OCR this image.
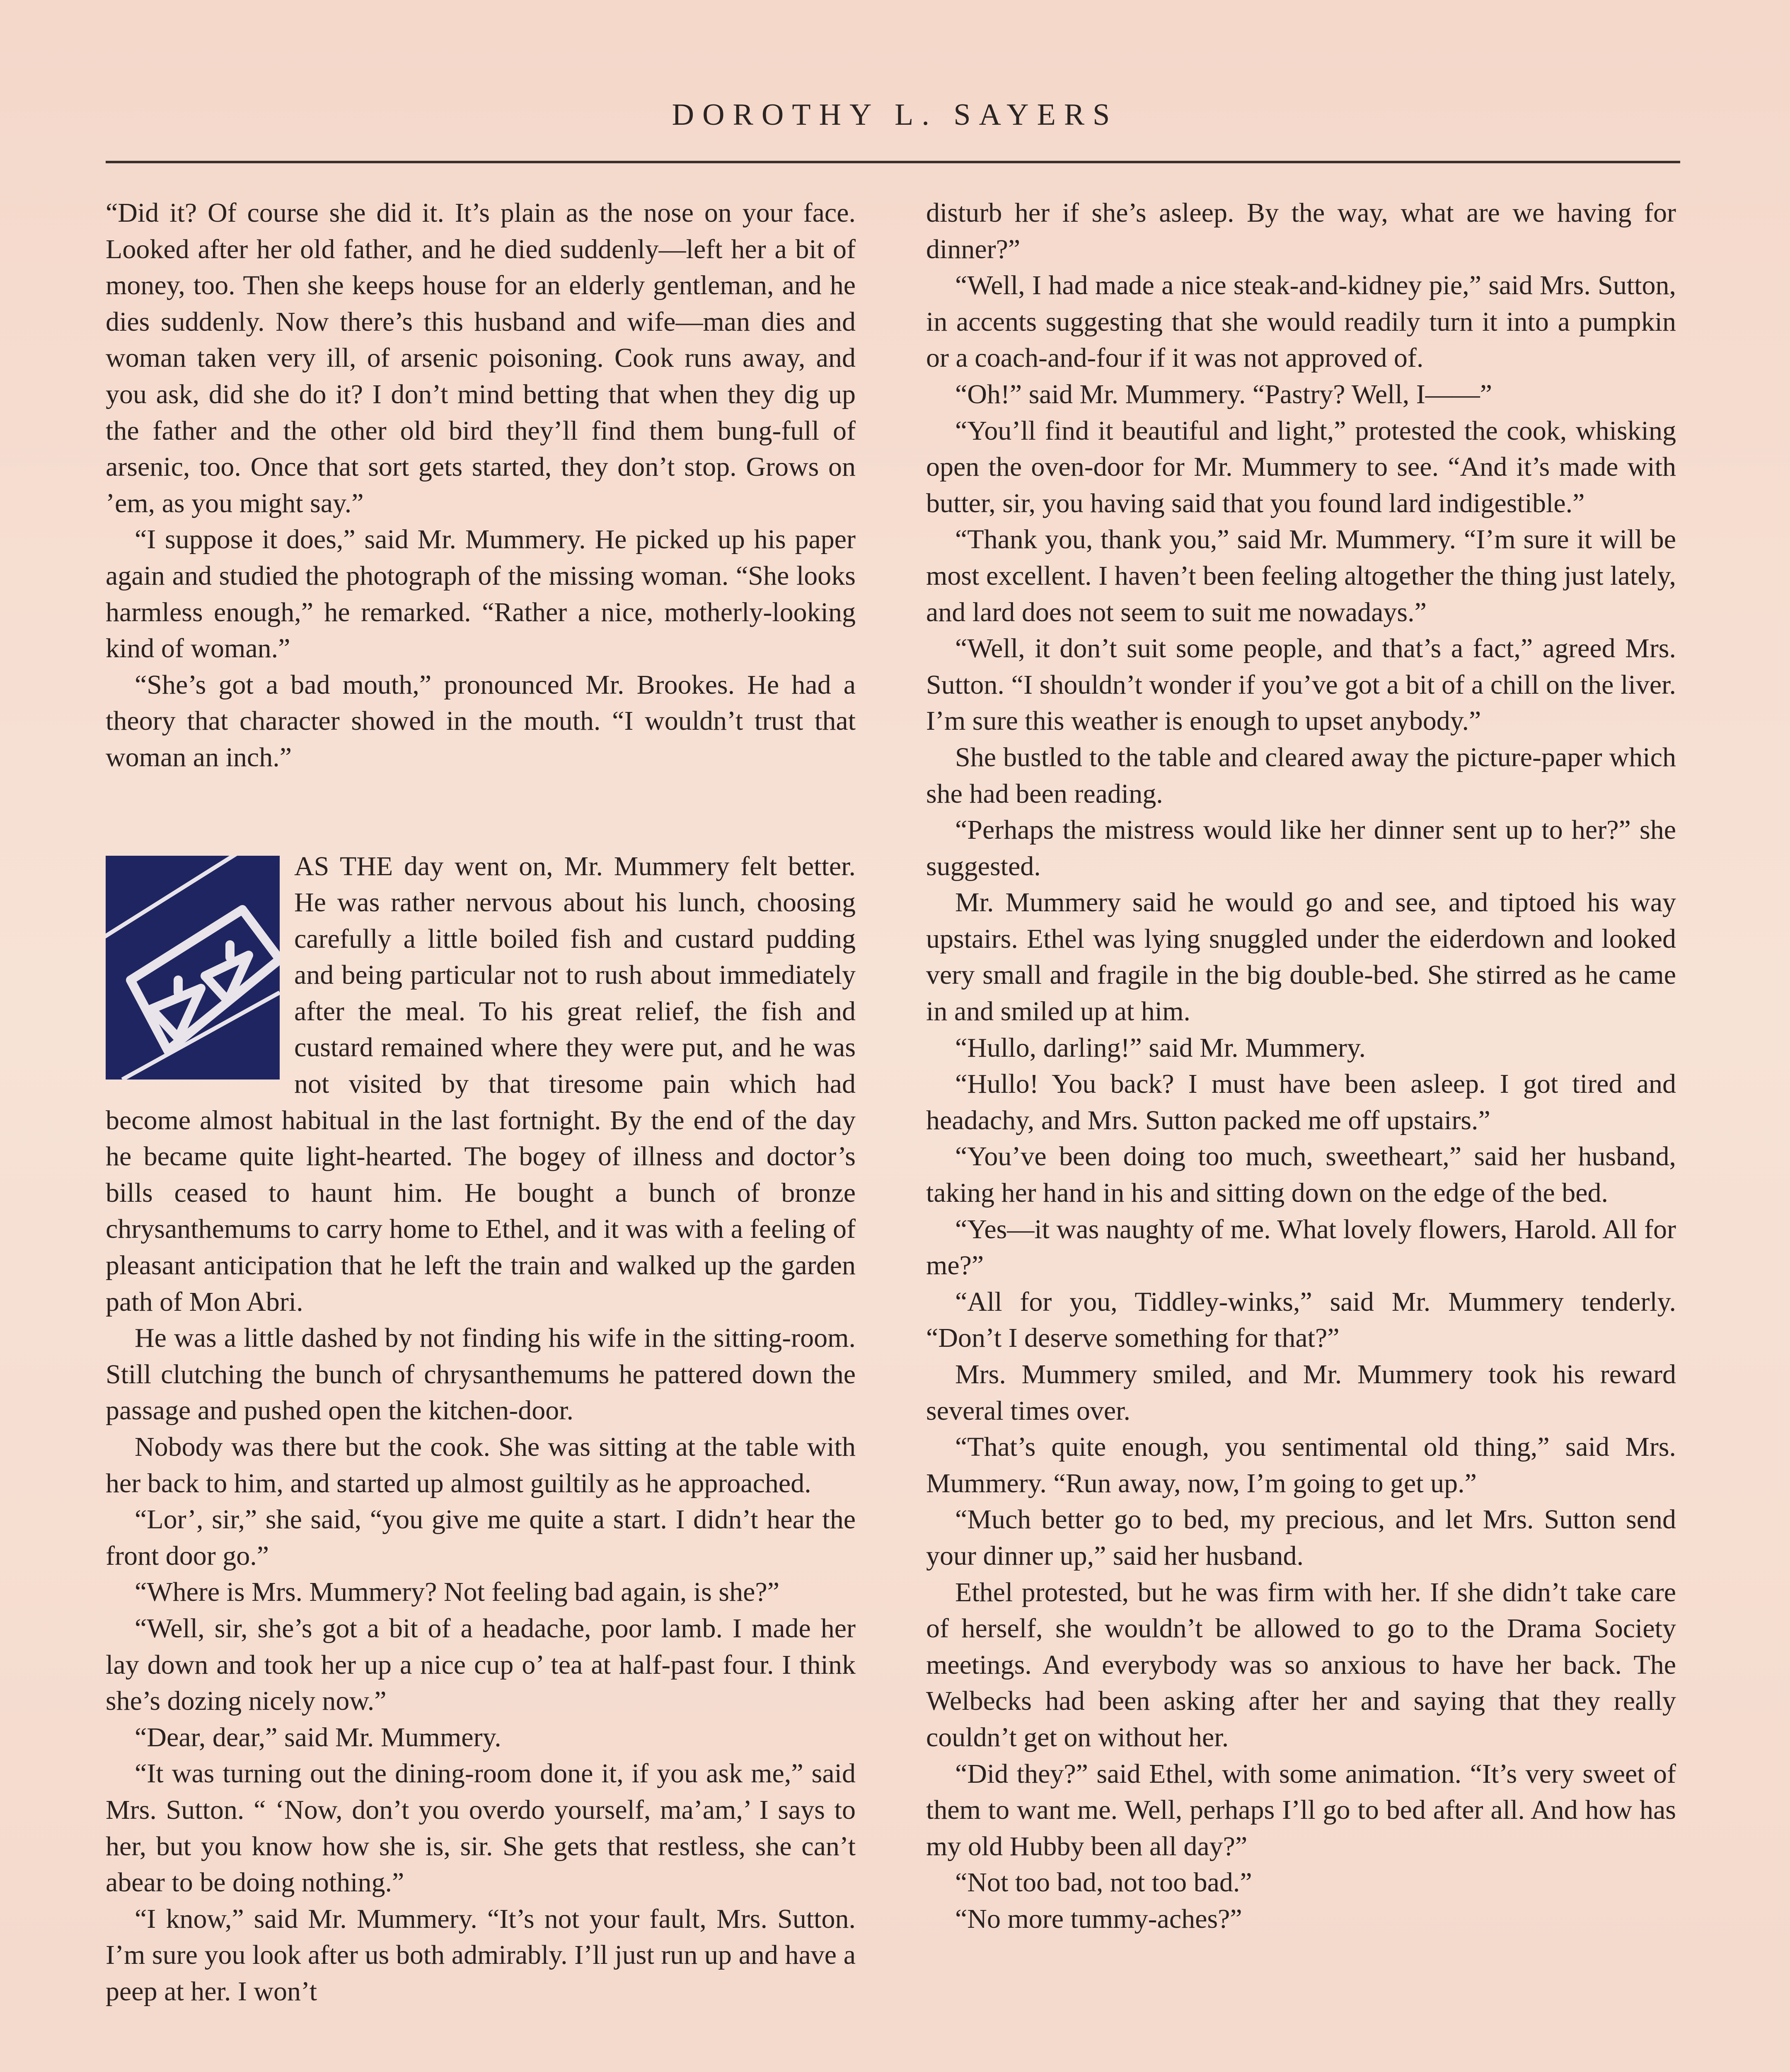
DOROTHY L. SAYERS

“Did it? Of course she did it. It’s plain as the nose on your face. Looked after her old father, and he died suddenly—left her a bit of money, too. Then she keeps house for an elderly gentleman, and he dies suddenly. Now there’s this husband and wife—man dies and woman taken very ill, of arsenic poisoning. Cook runs away, and you ask, did she do it? I don’t mind betting that when they dig up the father and the other old bird they’ll find them bung-full of arsenic, too. Once that sort gets started, they don’t stop. Grows on ’em, as you might say.”

“I suppose it does,” said Mr. Mummery. He picked up his paper again and studied the photograph of the missing woman. “She looks harmless enough,” he remarked. “Rather a nice, motherly-looking kind of woman.”

“She’s got a bad mouth,” pronounced Mr. Brookes. He had a theory that character showed in the mouth. “I wouldn’t trust that woman an inch.”

AS THE day went on, Mr. Mummery felt better. He was rather nervous about his lunch, choosing carefully a little boiled fish and custard pudding and being particular not to rush about immediately after the meal. To his great relief, the fish and custard remained where they were put, and he was not visited by that tiresome pain which had become almost habitual in the last fortnight. By the end of the day he became quite light-hearted. The bogey of illness and doctor’s bills ceased to haunt him. He bought a bunch of bronze chrysanthemums to carry home to Ethel, and it was with a feeling of pleasant anticipation that he left the train and walked up the garden path of Mon Abri.

He was a little dashed by not finding his wife in the sitting-room. Still clutching the bunch of chrysanthemums he pattered down the passage and pushed open the kitchen-door.

Nobody was there but the cook. She was sitting at the table with her back to him, and started up almost guiltily as he approached.

“Lor’, sir,” she said, “you give me quite a start. I didn’t hear the front door go.”

“Where is Mrs. Mummery? Not feeling bad again, is she?”

“Well, sir, she’s got a bit of a headache, poor lamb. I made her lay down and took her up a nice cup o’ tea at half-past four. I think she’s dozing nicely now.”

“Dear, dear,” said Mr. Mummery.

“It was turning out the dining-room done it, if you ask me,” said Mrs. Sutton. “ ‘Now, don’t you overdo yourself, ma’am,’ I says to her, but you know how she is, sir. She gets that restless, she can’t abear to be doing nothing.”

“I know,” said Mr. Mummery. “It’s not your fault, Mrs. Sutton. I’m sure you look after us both admirably. I’ll just run up and have a peep at her. I won’t

disturb her if she’s asleep. By the way, what are we having for dinner?”

“Well, I had made a nice steak-and-kidney pie,” said Mrs. Sutton, in accents suggesting that she would readily turn it into a pumpkin or a coach-and-four if it was not approved of.

“Oh!” said Mr. Mummery. “Pastry? Well, I——”

“You’ll find it beautiful and light,” protested the cook, whisking open the oven-door for Mr. Mummery to see. “And it’s made with butter, sir, you having said that you found lard indigestible.”

“Thank you, thank you,” said Mr. Mummery. “I’m sure it will be most excellent. I haven’t been feeling altogether the thing just lately, and lard does not seem to suit me nowadays.”

“Well, it don’t suit some people, and that’s a fact,” agreed Mrs. Sutton. “I shouldn’t wonder if you’ve got a bit of a chill on the liver. I’m sure this weather is enough to upset anybody.”

She bustled to the table and cleared away the picture-paper which she had been reading.

“Perhaps the mistress would like her dinner sent up to her?” she suggested.

Mr. Mummery said he would go and see, and tiptoed his way upstairs. Ethel was lying snuggled under the eiderdown and looked very small and fragile in the big double-bed. She stirred as he came in and smiled up at him.

“Hullo, darling!” said Mr. Mummery.

“Hullo! You back? I must have been asleep. I got tired and headachy, and Mrs. Sutton packed me off upstairs.”

“You’ve been doing too much, sweetheart,” said her husband, taking her hand in his and sitting down on the edge of the bed.

“Yes—it was naughty of me. What lovely flowers, Harold. All for me?”

“All for you, Tiddley-winks,” said Mr. Mummery tenderly. “Don’t I deserve something for that?”

Mrs. Mummery smiled, and Mr. Mummery took his reward several times over.

“That’s quite enough, you sentimental old thing,” said Mrs. Mummery. “Run away, now, I’m going to get up.”

“Much better go to bed, my precious, and let Mrs. Sutton send your dinner up,” said her husband.

Ethel protested, but he was firm with her. If she didn’t take care of herself, she wouldn’t be allowed to go to the Drama Society meetings. And everybody was so anxious to have her back. The Welbecks had been asking after her and saying that they really couldn’t get on without her.

“Did they?” said Ethel, with some animation. “It’s very sweet of them to want me. Well, perhaps I’ll go to bed after all. And how has my old Hubby been all day?”

“Not too bad, not too bad.”

“No more tummy-aches?”
